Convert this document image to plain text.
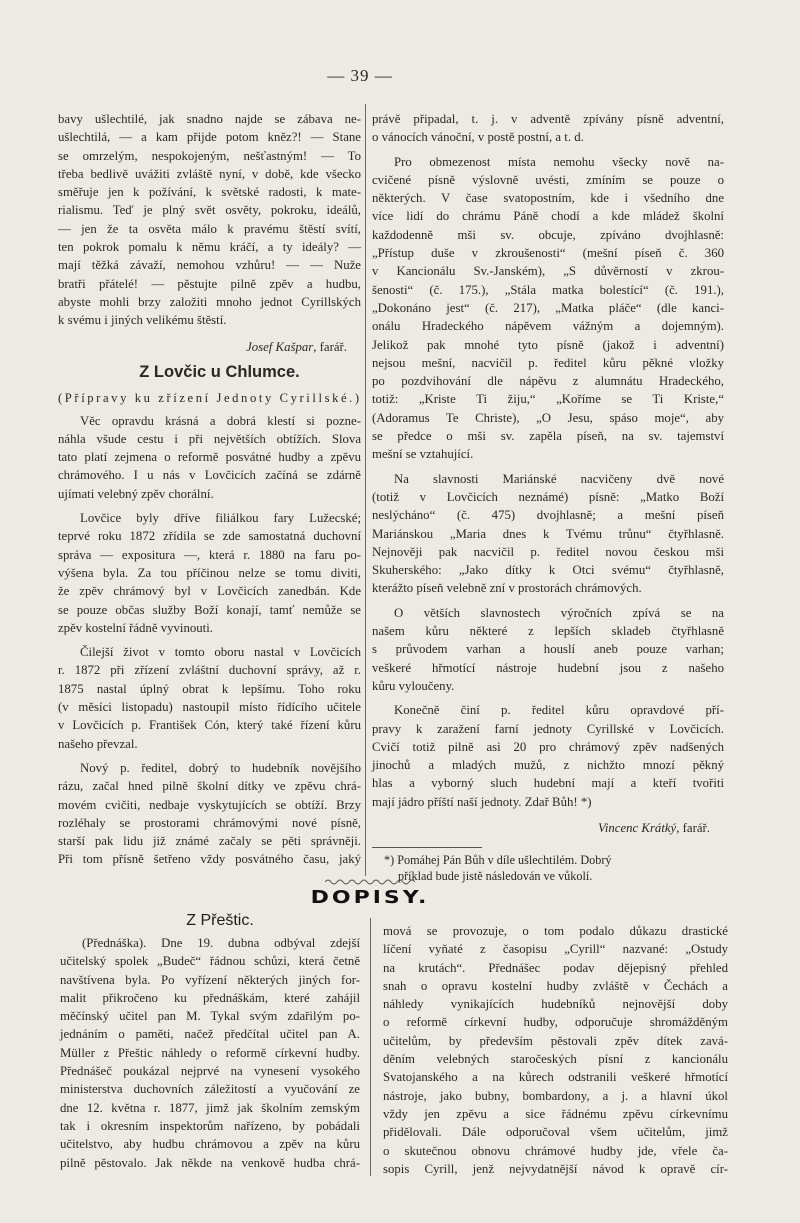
— 39 —
bavy ušlechtilé, jak snadno najde se zábava ne-
ušlechtilá, — a kam přijde potom kněz?! — Stane
se omrzelým, nespokojeným, nešťastným! — To
třeba bedlivě uvážiti zvláště nyní, v době, kde všecko
směřuje jen k požívání, k světské radosti, k mate-
rialismu. Teď je plný svět osvěty, pokroku, ideálů,
— jen že ta osvěta málo k pravému štěstí svítí,
ten pokrok pomalu k němu kráčí, a ty ideály? —
mají těžká závaží, nemohou vzhůru! — — Nuže
bratři přátelé! — pěstujte pilně zpěv a hudbu,
abyste mohli brzy založiti mnoho jednot Cyrillských
k svému i jiných velikému štěstí.
Josef Kašpar, farář.
Z Lovčic u Chlumce.
(Přípravy ku zřízení Jednoty Cyrillské.)
Věc opravdu krásná a dobrá klestí si pozne-
náhla všude cestu i při největších obtížích. Slova
tato platí zejmena o reformě posvátné hudby a zpěvu
chrámového. I u nás v Lovčicích začíná se zdárně
ujímati velebný zpěv chorální.
Lovčice byly dříve filiálkou fary Lužecské;
teprvé roku 1872 zřídila se zde samostatná duchovní
správa — expositura —, která r. 1880 na faru po-
výšena byla. Za tou příčinou nelze se tomu diviti,
že zpěv chrámový byl v Lovčicích zanedbán. Kde
se pouze občas služby Boží konají, tamť nemůže se
zpěv kostelní řádně vyvinouti.
Čilejší život v tomto oboru nastal v Lovčicích
r. 1872 při zřízení zvláštní duchovní správy, až r.
1875 nastal úplný obrat k lepšímu. Toho roku
(v měsíci listopadu) nastoupil místo řídícího učitele
v Lovčicích p. František Cón, který také řízení kůru
našeho převzal.
Nový p. ředitel, dobrý to hudebník novějšího
rázu, začal hned pilně školní dítky ve zpěvu chrá-
movém cvičiti, nedbaje vyskytujících se obtíží. Brzy
rozléhaly se prostorami chrámovými nové písně,
starší pak lidu již známé začaly se pěti správněji.
Při tom přísně šetřeno vždy posvátného času, jaký
právě připadal, t. j. v adventě zpívány písně adventní,
o vánocích vánoční, v postě postní, a t. d.
Pro obmezenost místa nemohu všecky nově na-
cvičené písně výslovně uvésti, zmíním se pouze o
některých. V čase svatopostním, kde i všedního dne
více lidí do chrámu Páně chodí a kde mládež školní
každodenně mši sv. obcuje, zpíváno dvojhlasně:
„Přístup duše v zkroušenosti“ (mešní píseň č. 360
v Kancionálu Sv.-Janském), „S důvěrností v zkrou-
šenosti“ (č. 175.), „Stála matka bolestící“ (č. 191.),
„Dokonáno jest“ (č. 217), „Matka pláče“ (dle kanci-
onálu Hradeckého nápěvem vážným a dojemným).
Jelikož pak mnohé tyto písně (jakož i adventní)
nejsou mešní, nacvičil p. ředitel kůru pěkné vložky
po pozdvihování dle nápěvu z alumnátu Hradeckého,
totiž: „Kriste Ti žiju,“ „Koříme se Ti Kriste,“
(Adoramus Te Christe), „O Jesu, spáso moje“, aby
se předce o mši sv. zapěla píseň, na sv. tajemství
mešní se vztahující.
Na slavnosti Mariánské nacvičeny dvě nové
(totiž v Lovčicích neznámé) písně: „Matko Boží
neslýcháno“ (č. 475) dvojhlasně; a mešní píseň
Mariánskou „Maria dnes k Tvému trůnu“ čtyřhlasně.
Nejnověji pak nacvičil p. ředitel novou českou mši
Skuherského: „Jako dítky k Otci svému“ čtyřhlasně,
kterážto píseň velebně zní v prostorách chrámových.
O větších slavnostech výročních zpívá se na
našem kůru některé z lepších skladeb čtyřhlasně
s průvodem varhan a houslí aneb pouze varhan;
veškeré hřmotící nástroje hudební jsou z našeho
kůru vyloučeny.
Konečně činí p. ředitel kůru opravdové pří-
pravy k zaražení farní jednoty Cyrillské v Lovčicích.
Cvičí totiž pilně asi 20 pro chrámový zpěv nadšených
jinochů a mladých mužů, z nichžto mnozí pěkný
hlas a vyborný sluch hudební mají a kteří tvořiti
mají jádro příští naší jednoty. Zdař Bůh! *)
Vincenc Krátký, farář.
*) Pomáhej Pán Bůh v díle ušlechtilém. Dobrý
příklad bude jistě následován ve vůkolí.
DOPISY.
Z Přeštic.
(Přednáška). Dne 19. dubna odbýval zdejší
učitelský spolek „Budeč“ řádnou schůzi, která četně
navštívena byla. Po vyřízení některých jiných for-
malit přikročeno ku přednáškám, které zahájil
měčínský učitel pan M. Tykal svým zdařilým po-
jednáním o paměti, načež předčítal učitel pan A.
Müller z Přeštic náhledy o reformě církevní hudby.
Přednášeč poukázal nejprvé na vynesení vysokého
ministerstva duchovních záležitostí a vyučování ze
dne 12. května r. 1877, jimž jak školním zemským
tak i okresním inspektorům nařízeno, by pobádali
učitelstvo, aby hudbu chrámovou a zpěv na kůru
pilně pěstovalo. Jak někde na venkově hudba chrá-
mová se provozuje, o tom podalo důkazu drastické
líčení vyňaté z časopisu „Cyrill“ nazvané: „Ostudy
na krutách“. Přednášec podav dějepisný přehled
snah o opravu kostelní hudby zvláště v Čechách a
náhledy vynikajících hudebníků nejnovější doby
o reformě církevní hudby, odporučuje shromážděným
učitelům, by především pěstovali zpěv dítek zavá-
děním velebných staročeských písní z kancionálu
Svatojanského a na kůrech odstranili veškeré hřmotící
nástroje, jako bubny, bombardony, a j. a hlavní úkol
vždy jen zpěvu a sice řádnému zpěvu církevnímu
přidělovali. Dále odporučoval všem učitelům, jimž
o skutečnou obnovu chrámové hudby jde, vřele ča-
sopis Cyrill, jenž nejvydatnější návod k opravě cír-
